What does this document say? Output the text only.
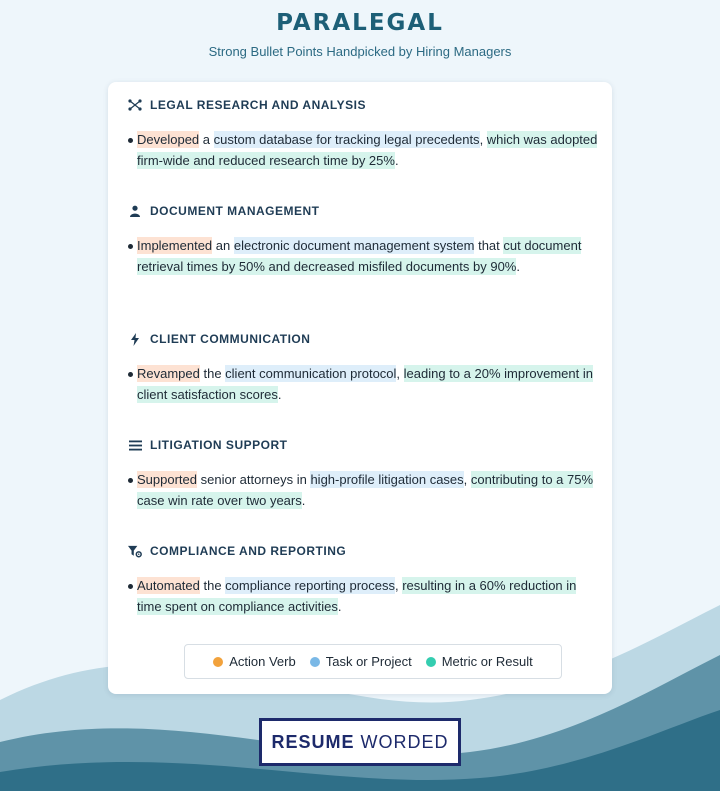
PARALEGAL
Strong Bullet Points Handpicked by Hiring Managers
LEGAL RESEARCH AND ANALYSIS
Developed a custom database for tracking legal precedents, which was adopted firm-wide and reduced research time by 25%.
DOCUMENT MANAGEMENT
Implemented an electronic document management system that cut document retrieval times by 50% and decreased misfiled documents by 90%.
CLIENT COMMUNICATION
Revamped the client communication protocol, leading to a 20% improvement in client satisfaction scores.
LITIGATION SUPPORT
Supported senior attorneys in high-profile litigation cases, contributing to a 75% case win rate over two years.
COMPLIANCE AND REPORTING
Automated the compliance reporting process, resulting in a 60% reduction in time spent on compliance activities.
Action Verb Task or Project Metric or Result
RESUME WORDED
